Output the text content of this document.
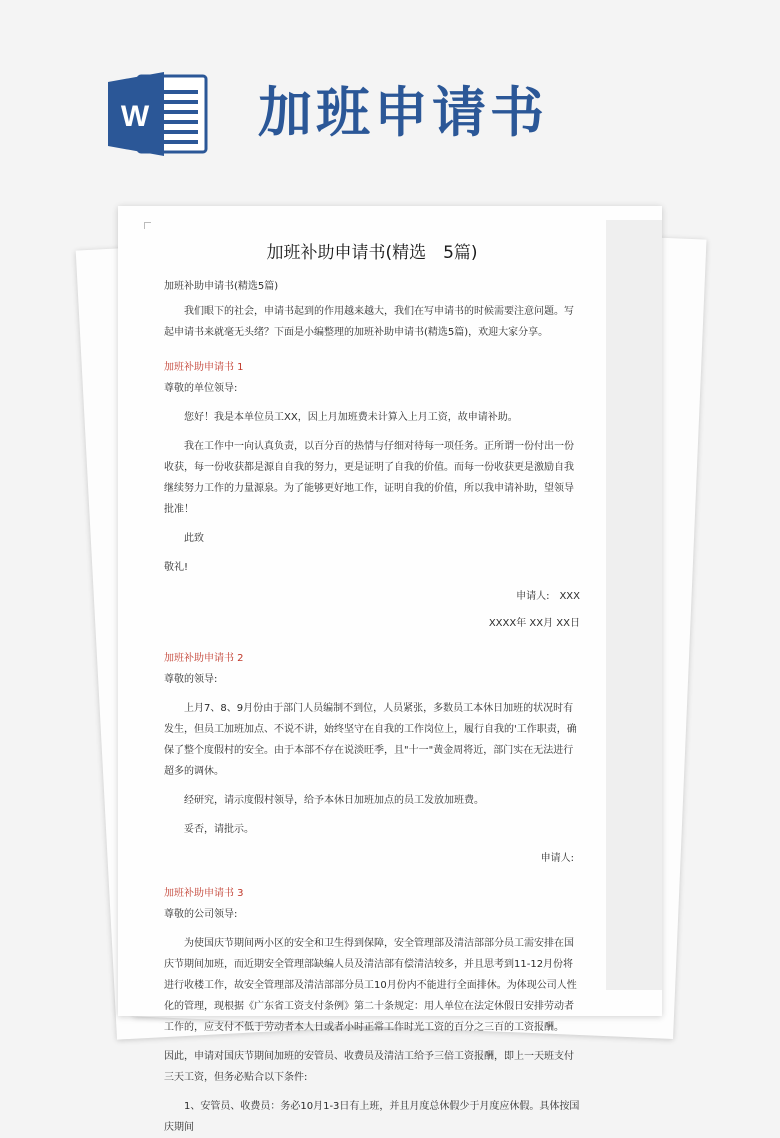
W 加班申请书

加班补助申请书(精选　5篇)

加班补助申请书(精选5篇)

我们眼下的社会，申请书起到的作用越来越大，我们在写申请书的时候需要注意问题。写起申请书来就毫无头绪？下面是小编整理的加班补助申请书(精选5篇)，欢迎大家分享。

加班补助申请书 1

尊敬的单位领导:

您好！我是本单位员工XX，因上月加班费未计算入上月工资，故申请补助。

我在工作中一向认真负责，以百分百的热情与仔细对待每一项任务。正所谓一份付出一份收获，每一份收获都是源自自我的努力，更是证明了自我的价值。而每一份收获更是激励自我继续努力工作的力量源泉。为了能够更好地工作，证明自我的价值，所以我申请补助，望领导批准！

此致

敬礼!

申请人:　XXX

XXXX年 XX月 XX日

加班补助申请书 2

尊敬的领导:

上月7、8、9月份由于部门人员编制不到位，人员紧张，多数员工本休日加班的状况时有发生，但员工加班加点、不说不讲，始终坚守在自我的工作岗位上，履行自我的'工作职责，确保了整个度假村的安全。由于本部不存在说淡旺季，且"十一"黄金周将近，部门实在无法进行超多的调休。

经研究，请示度假村领导，给予本休日加班加点的员工发放加班费。

妥否，请批示。

申请人:

加班补助申请书 3

尊敬的公司领导:

为使国庆节期间两小区的安全和卫生得到保障，安全管理部及清洁部部分员工需安排在国庆节期间加班，而近期安全管理部缺编人员及清洁部有偿清洁较多，并且思考到11-12月份将进行收楼工作，故安全管理部及清洁部部分员工10月份内不能进行全面排休。为体现公司人性化的管理，现根据《广东省工资支付条例》第二十条规定：用人单位在法定休假日安排劳动者工作的，应支付不低于劳动者本人日或者小时正常工作时光工资的百分之三百的工资报酬。

因此，申请对国庆节期间加班的安管员、收费员及清洁工给予三倍工资报酬，即上一天班支付三天工资，但务必贴合以下条件:

1、安管员、收费员：务必10月1-3日有上班，并且月度总休假少于月度应休假。具体按国庆期间
